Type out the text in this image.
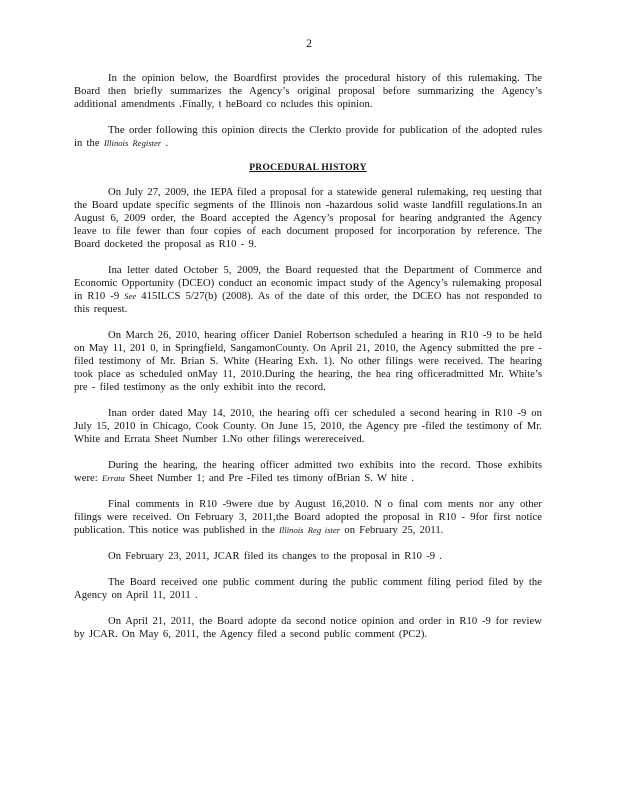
2

In the opinion below, the Boardfirst provides the procedural history of this rulemaking. The Board then briefly summarizes the Agency’s original proposal before summarizing the Agency’s additional amendments .Finally, t heBoard co ncludes this opinion.

The order following this opinion directs the Clerkto provide for publication of the adopted rules in the Illinois Register .

PROCEDURAL HISTORY

On July 27, 2009, the IEPA filed a proposal for a statewide general rulemaking, req uesting that the Board update specific segments of the Illinois non -hazardous solid waste landfill regulations.In an August 6, 2009 order, the Board accepted the Agency’s proposal for hearing andgranted the Agency leave to file fewer than four copies of each document proposed for incorporation by reference. The Board docketed the proposal as R10 - 9.

Ina letter dated October 5, 2009, the Board requested that the Department of Commerce and Economic Opportunity (DCEO) conduct an economic impact study of the Agency’s rulemaking proposal in R10 -9 See 415ILCS 5/27(b) (2008). As of the date of this order, the DCEO has not responded to this request.

On March 26, 2010, hearing officer Daniel Robertson scheduled a hearing in R10 -9 to be held on May 11, 201 0, in Springfield, SangamonCounty. On April 21, 2010, the Agency submitted the pre -filed testimony of Mr. Brian S. White (Hearing Exh. 1). No other filings were received. The hearing took place as scheduled onMay 11, 2010.During the hearing, the hea ring officeradmitted Mr. White’s pre - filed testimony as the only exhibit into the record.

Inan order dated May 14, 2010, the hearing offi cer scheduled a second hearing in R10 -9 on July 15, 2010 in Chicago, Cook County. On June 15, 2010, the Agency pre -filed the testimony of Mr. White and Errata Sheet Number 1.No other filings werereceived.

During the hearing, the hearing officer admitted two exhibits into the record. Those exhibits were: Errata Sheet Number 1; and Pre -Filed tes timony ofBrian S. W hite .

Final comments in R10 -9were due by August 16,2010. N o final com ments nor any other filings were received. On February 3, 2011,the Board adopted the proposal in R10 - 9for first notice publication. This notice was published in the Illinois Reg ister on February 25, 2011.

On February 23, 2011, JCAR filed its changes to the proposal in R10 -9 .

The Board received one public comment during the public comment filing period filed by the Agency on April 11, 2011 .

On April 21, 2011, the Board adopte da second notice opinion and order in R10 -9 for review by JCAR. On May 6, 2011, the Agency filed a second public comment (PC2).
